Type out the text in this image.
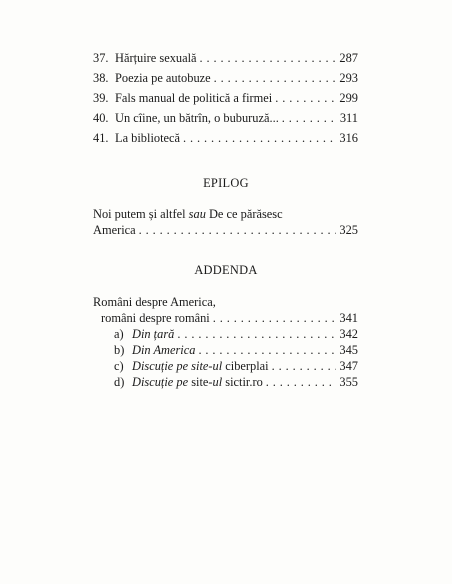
37. Hărțuire sexuală . . .	287
38. Poezia pe autobuze . . .	293
39. Fals manual de politică a firmei . . .	299
40. Un cîine, un bătrîn, o buburuză... . . .	311
41. La bibliotecă . . .	316
EPILOG
Noi putem și altfel sau De ce părăsesc
America . . .	325
ADDENDA
Români despre America,
români despre români . . .	341
a) Din țară . . .	342
b) Din America . . .	345
c) Discuție pe site-ul ciberplai . . .	347
d) Discuție pe site-ul sictir.ro . . .	355
